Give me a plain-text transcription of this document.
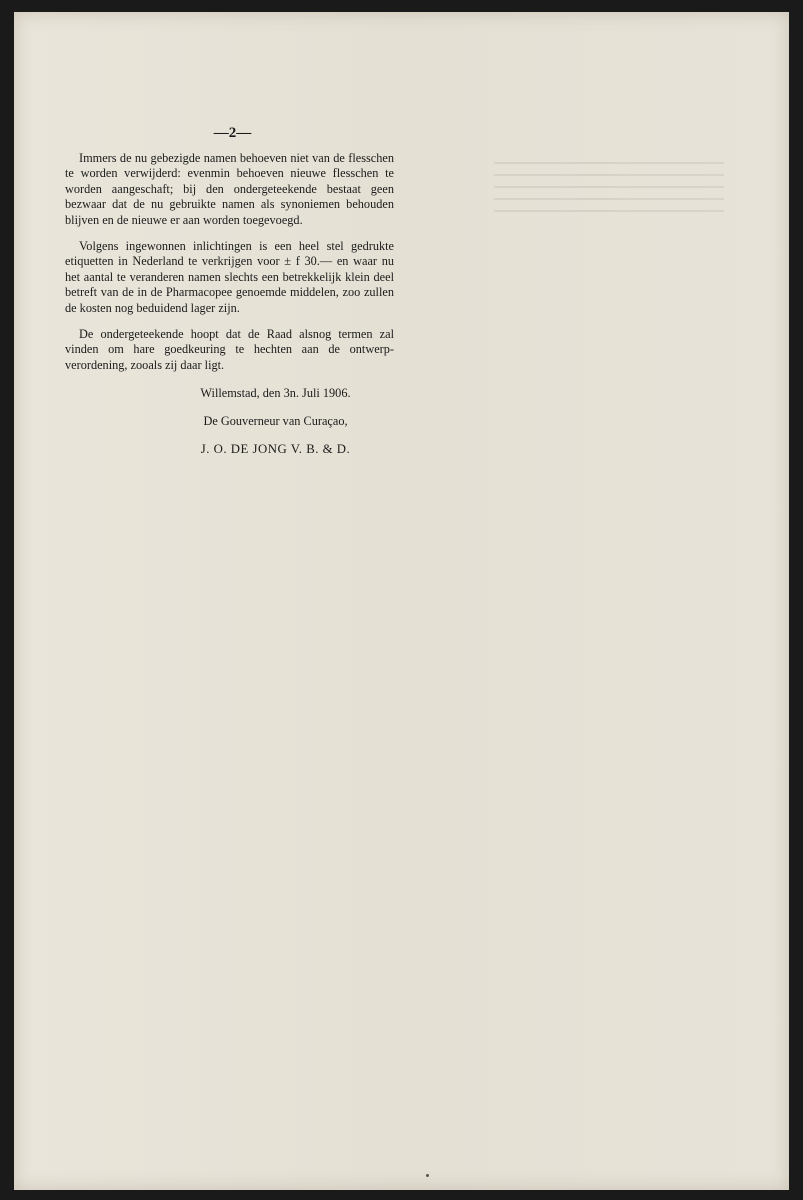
—2—

Immers de nu gebezigde namen behoeven niet van de flesschen te worden verwijderd: evenmin behoeven nieuwe flesschen te worden aangeschaft; bij den ondergeteekende bestaat geen bezwaar dat de nu gebruikte namen als synoniemen behouden blijven en de nieuwe er aan worden toegevoegd.

Volgens ingewonnen inlichtingen is een heel stel gedrukte etiquetten in Nederland te verkrijgen voor ± f 30.— en waar nu het aantal te veranderen namen slechts een betrekkelijk klein deel betreft van de in de Pharmacopee genoemde middelen, zoo zullen de kosten nog beduidend lager zijn.

De ondergeteekende hoopt dat de Raad alsnog termen zal vinden om hare goedkeuring te hechten aan de ontwerp-verordening, zooals zij daar ligt.

Willemstad, den 3n. Juli 1906.
De Gouverneur van Curaçao,
J. O. DE JONG V. B. & D.
